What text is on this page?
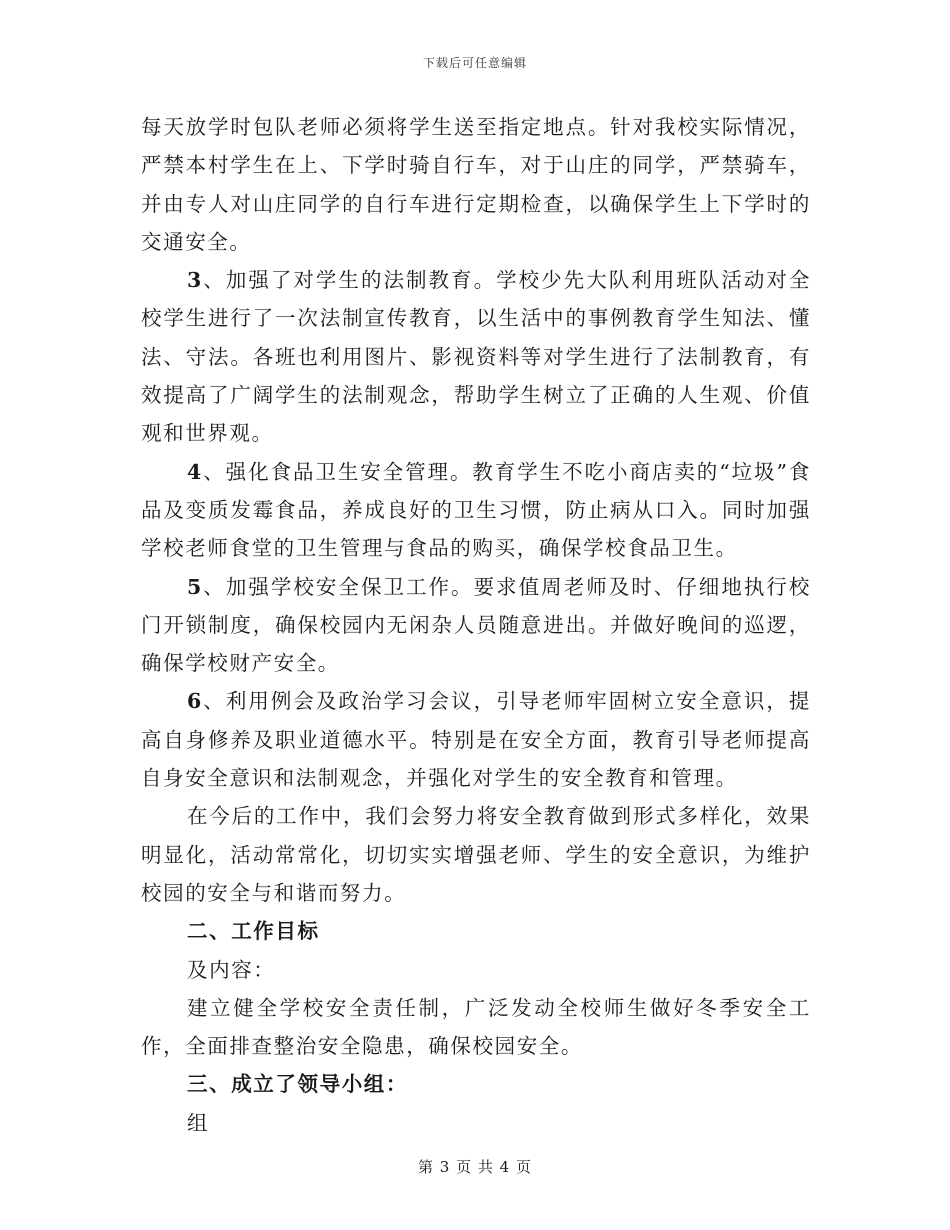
下载后可任意编辑

每天放学时包队老师必须将学生送至指定地点。针对我校实际情况，严禁本村学生在上、下学时骑自行车，对于山庄的同学，严禁骑车，并由专人对山庄同学的自行车进行定期检查，以确保学生上下学时的交通安全。

3、加强了对学生的法制教育。学校少先大队利用班队活动对全校学生进行了一次法制宣传教育，以生活中的事例教育学生知法、懂法、守法。各班也利用图片、影视资料等对学生进行了法制教育，有效提高了广阔学生的法制观念，帮助学生树立了正确的人生观、价值观和世界观。

4、强化食品卫生安全管理。教育学生不吃小商店卖的“垃圾”食品及变质发霉食品，养成良好的卫生习惯，防止病从口入。同时加强学校老师食堂的卫生管理与食品的购买，确保学校食品卫生。

5、加强学校安全保卫工作。要求值周老师及时、仔细地执行校门开锁制度，确保校园内无闲杂人员随意进出。并做好晚间的巡逻，确保学校财产安全。

6、利用例会及政治学习会议，引导老师牢固树立安全意识，提高自身修养及职业道德水平。特别是在安全方面，教育引导老师提高自身安全意识和法制观念，并强化对学生的安全教育和管理。

在今后的工作中，我们会努力将安全教育做到形式多样化，效果明显化，活动常常化，切切实实增强老师、学生的安全意识，为维护校园的安全与和谐而努力。

二、工作目标

及内容：

建立健全学校安全责任制，广泛发动全校师生做好冬季安全工作，全面排查整治安全隐患，确保校园安全。

三、成立了领导小组：

组

第 3 页 共 4 页
